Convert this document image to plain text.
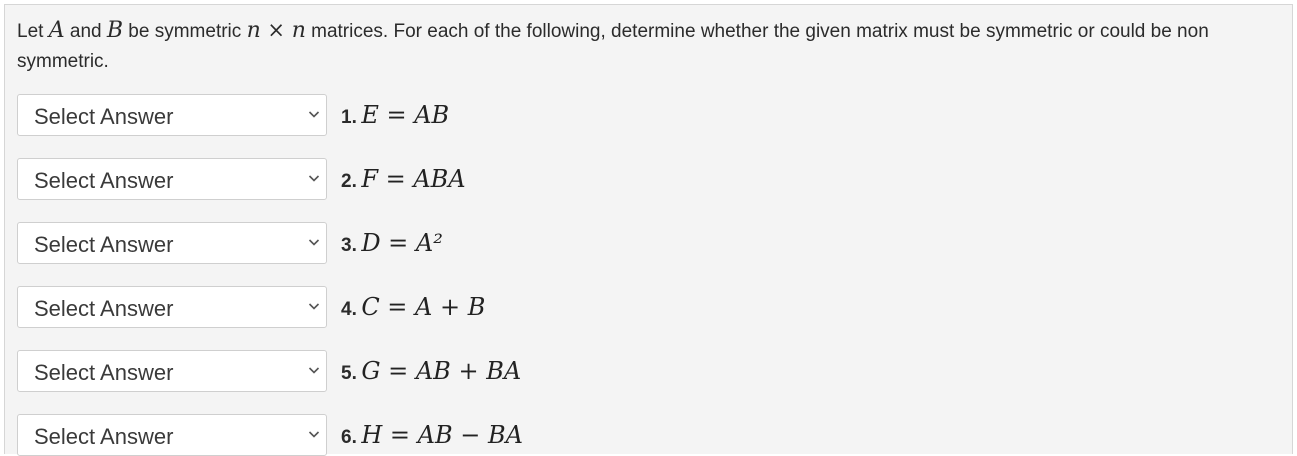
Let A and B be symmetric n × n matrices. For each of the following, determine whether the given matrix must be symmetric or could be non symmetric.
Select Answer	1. E = AB
Select Answer	2. F = ABA
Select Answer	3. D = A²
Select Answer	4. C = A + B
Select Answer	5. G = AB + BA
Select Answer	6. H = AB − BA
